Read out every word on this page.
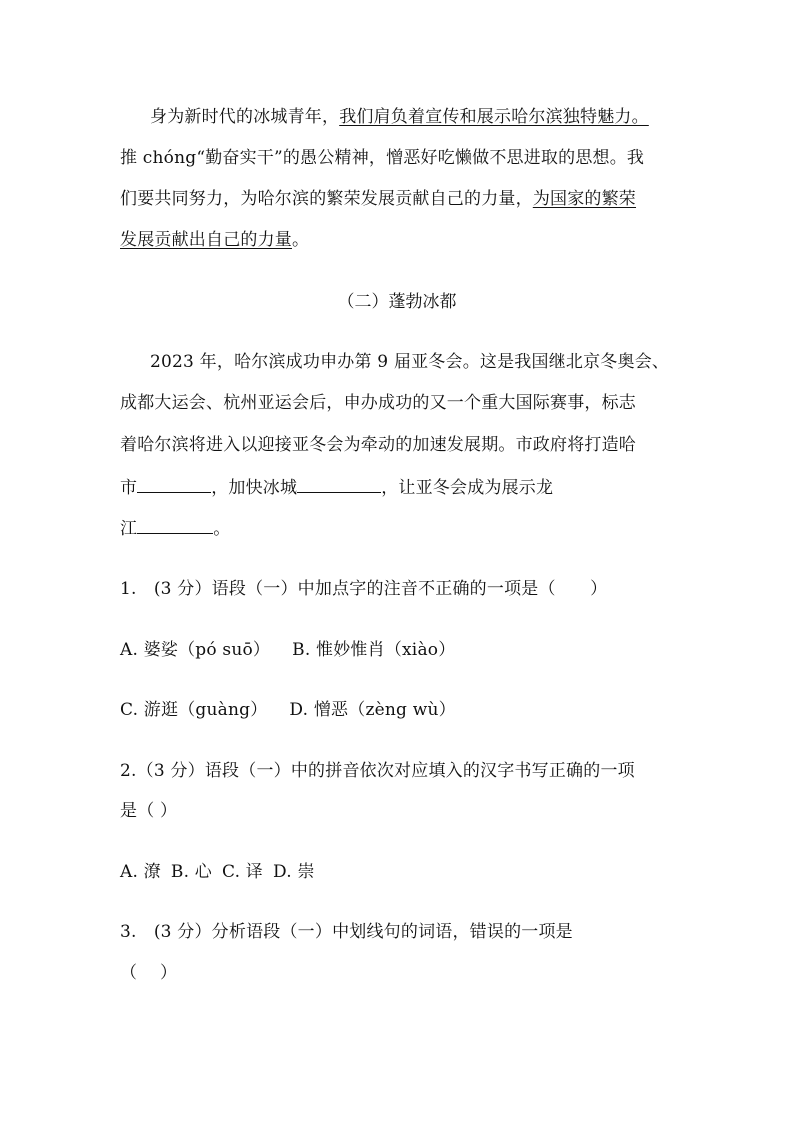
身为新时代的冰城青年，我们肩负着宣传和展示哈尔滨独特魅力。
推 chóng“勤奋实干”的愚公精神，憎恶好吃懒做不思进取的思想。我
们要共同努力，为哈尔滨的繁荣发展贡献自己的力量，为国家的繁荣
发展贡献出自己的力量。
（二）蓬勃冰都
2023 年，哈尔滨成功申办第 9 届亚冬会。这是我国继北京冬奥会、
成都大运会、杭州亚运会后，申办成功的又一个重大国际赛事，标志
着哈尔滨将进入以迎接亚冬会为牵动的加速发展期。市政府将打造哈
市	，加快冰城	，让亚冬会成为展示龙
江	。
1.　(3 分）语段（一）中加点字的注音不正确的一项是（　　）
A. 婆娑（pó suō） B. 惟妙惟肖（xiào）
C. 游逛（guàng） D. 憎恶（zèng wù）
2.（3 分）语段（一）中的拼音依次对应填入的汉字书写正确的一项
是（ ）
A. 潦 B. 心 C. 译 D. 崇
3.　(3 分）分析语段（一）中划线句的词语，错误的一项是
（　 ）
